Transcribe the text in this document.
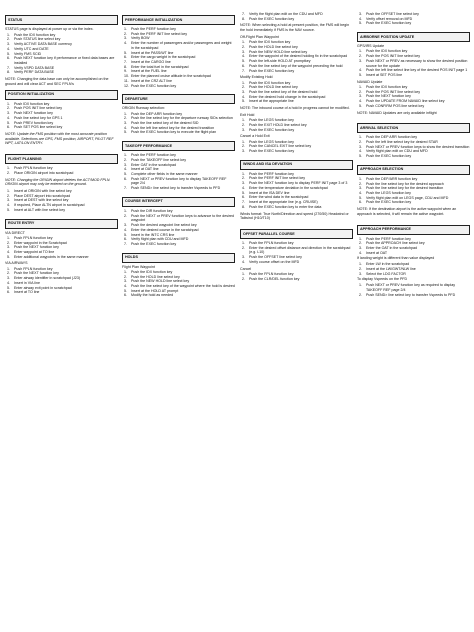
STATUS
STATUS page is displayed at power up or via the index.
1.	Push the IDX function key
2.	Push STATUS line select key
3.	Verify ACTIVE DATA BASE currency
4.	Verify UTC and DATE
5.	Verify FMS SCID
6.	Push NEXT function key if performance or fixed data bases are installed
7.	Verify VSPD DATA BASE
8.	Verify PERF DATA BASE
NOTE: Changing the data base can only be accomplished on the ground and will clear ACT and SEC FPLN’s
POSITION INITIALIZATION
1.	Push IDX function key
2.	Push POS INIT line select key
3.	Push NEXT function key
4.	Push line select key for GPS 1
5.	Push PREV function key
6.	Push SET POS line select key
NOTE: Update the FMS position with the most accurate position available. Selections are GPS, FMS position, AIRPORT, PILOT REF WPT, LAT/LON ENTRY.
FLIGHT PLANNING
1.	Push FPLN function key
2.	Place ORIGIN airport into scratchpad
NOTE: Changing the ORIGIN airport deletes the ACT/MOD FPLN. ORIGIN airport may only be entered on the ground.
1.	Insert at ORIGIN with line select key
2.	Place DEST airport into scratchpad
3.	Insert at DEST with line select key
4.	If required, Place ALTN airport in scratchpad
5.	Insert at ALT with line select key
ROUTE ENTRY
VIA DIRECT
1.	Push FPLN function key
2.	Enter waypoint in the Scratchpad
3.	Push the NEXT function key
4.	Enter waypoint at TO line
5.	Enter additional waypoints in the same manner
VIA AIRWAYS
1.	Push FPLN function key
2.	Push the NEXT function key
3.	Enter airway identifier in scratchpad (J23)
4.	Insert in VIA line
5.	Enter airway exit point in scratchpad
6.	Insert at TO line
PERFORMANCE INITIALIZATION
1.	Push the PERF function key
2.	Push the PERF INIT line select key
3.	Verify BOW
4.	Enter the number of passengers and/or passengers and weight in the scratchpad
5.	Insert at the PASS/WT line
6.	Enter the cargo weight in the scratchpad
7.	Insert at the CARGO line
8.	Enter the total fuel in the scratchpad
9.	Insert at the FUEL line
10. Enter the planned cruise altitude in the scratchpad
11. Insert at the CRZ ALT line
12. Push the EXEC function key
DEPARTURE
ORIGIN Runway selection:
1.	Push the DEP ARR function key
2.	Push the line select key for the departure runway SIDs selection
3.	Push the line select key of the desired SID
4.	Push the left line select key for the desired transition
5.	Push the EXEC function key to execute the flight plan
TAKEOFF PERFORMANCE
1.	Push the PERF function key
2.	Push the TAKEOFF line select key
3.	Enter OAT in the scratchpad
4.	Insert at OAT line
5.	Complete other fields in the same manner
6.	Push NEXT or PREV function key to display TAKEOFF REF page 2/4
7.	Push SEND> line select key to transfer Vspeeds to PFD
COURSE INTERCEPT
1.	Push the DIR function key
2.	Push the NEXT or PREV function keys to advance to the desired waypoint
3.	Push the desired waypoint line select key
4.	Enter the desired course in the scratchpad
5.	Insert in the INTC CRS line
6.	Verify flight plan with CDU and MFD
7.	Push the EXEC function key
HOLDS
Flight Plan Waypoint
1.	Push the IDX function key
2.	Push the HOLD line select key
3.	Push the NEW HOLD line select key
4.	Push the line select key of the waypoint where the hold is desired
5.	Insert at the HOLD AT prompt
6.	Modify the hold as needed
7.	Verify the flight plan edit on the CDU and MFD
8.	Push the EXEC function key
NOTE: When selecting a hold at present position, the FMS will begin the hold immediately if FMS is the NAV source.
Off-Flight Plan Waypoint
1.	Push the IDX function key
2.	Push the HOLD line select key
3.	Push the NEW HOLD line select key
4.	Enter the waypoint of the desired holding fix in the scratchpad
5.	Push the left-side HOLD AT promptkey
6.	Push the line select key of the waypoint preceding the hold
7.	Push the EXEC function key
Modify Existing Hold
1.	Push the IDX function key
2.	Push the HOLD line select key
3.	Push the line select key of the desired hold
4.	Enter the desired hold change in the scratchpad
5.	Insert at the appropriate line
NOTE: The inbound course of a hold in progress cannot be modified.
Exit Hold
1.	Push the LEGS function key
2.	Push the EXIT HOLD line select key
3.	Push the EXEC function key
Cancel a Hold Exit
1.	Push the LEGS function key
2.	Push the CANCEL EXIT line select key
3.	Push the EXEC function key
WINDS AND ISA DEVIATION
1.	Push the PERF function key
2.	Push the PERF INIT line select key
3.	Push the NEXT function key to display PERF INIT page 3 of 3
4.	Enter the temperature deviation in the scratchpad
5.	Insert at the ISA DEV line
6.	Enter the wind data in the scratchpad
7.	Insert at the appropriate line (e.g. CRUISE)
8.	Push the EXEC function key to enter the data
Winds format: True North/Direction and speed (270/50) Headwind or Tailwind (H10/T10)
OFFSET PARALLEL COURSE
1.	Push the FPLN function key
2.	Enter the desired offset distance and direction in the scratchpad (e.g. L10)
3.	Push the OFFSET line select key
4.	Verify course offset on the MFD
Cancel
1.	Push the FPLN function key
2.	Push the CLR/DEL function key
3.	Push the OFFSET line select key
4.	Verify offset removal on MFD
5.	Push the EXEC function key
AIRBORNE POSITION UPDATE
GPS/IRS Update
1.	Push the IDX function key
2.	Push the POS INIT line select key
3.	Push NEXT or PREV as necessary to show the desired position source for the update
4.	Push the left line select line key of the desired POS INIT page 1
5.	Insert at SET POS line
NAVAID Update
1.	Push the IDX function key
2.	Push the POS INIT line select key
3.	Push the NEXT function key
4.	Push the UPDATE FROM NAVAID line select key
5.	Push CONFIRM POS line select key
NOTE: NAVAID Updates are only available inflight
ARRIVAL SELECTION
1.	Push the DEP ARR function key
2.	Push the left line select key for desired STAR
3.	Push NEXT or PREV function keys to show the desired transition
4.	Verify flight plan edit on CDU and MFD
5.	Push the EXEC function key
APPROACH SELECTION
1.	Push the DEP/ARR function key
2.	Push the line select key for the desired approach
3.	Push the line select key for the desired transition
4.	Push the LEGS function key
5.	Verify flight plan edit on LEGS page, CDU and MFD
6.	Push the EXEC function key
NOTE: If the destination airport is the active waypoint when an approach is selected, it will remain the active waypoint.
APPROACH PERFORMANCE
1.	Push the PERF function key
2.	Push the APPROACH line select key
3.	Enter the OAT in the scratchpad
4.	Insert at OAT
If landing weight is different than value displayed
1.	Enter LW in the scratchpad
2.	Insert at the LW/GWT/NLW line
3.	Select the LDG FACTOR
To display Vspeeds on the PFD
1.	Push NEXT or PREV function key as required to display TAKEOFF REF page 2/4
2.	Push SEND> line select key to transfer Vspeeds to PFD
